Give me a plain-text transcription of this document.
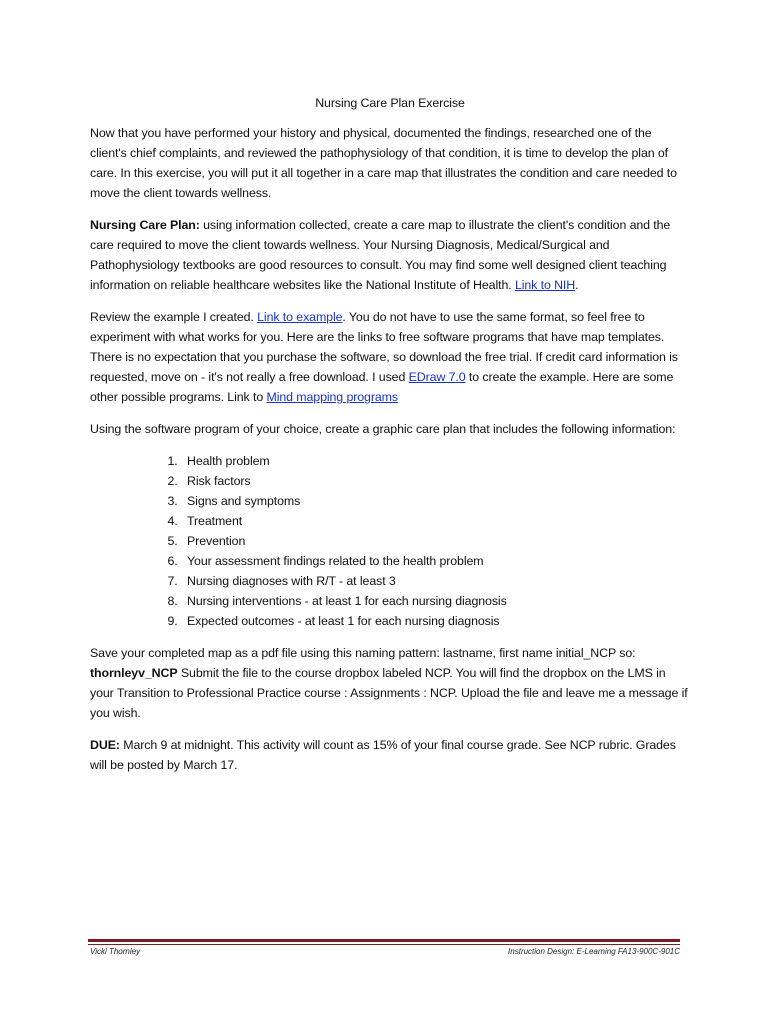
Nursing Care Plan Exercise

Now that you have performed your history and physical, documented the findings, researched one of the client's chief complaints, and reviewed the pathophysiology of that condition, it is time to develop the plan of care. In this exercise, you will put it all together in a care map that illustrates the condition and care needed to move the client towards wellness.

Nursing Care Plan: using information collected, create a care map to illustrate the client's condition and the care required to move the client towards wellness. Your Nursing Diagnosis, Medical/Surgical and Pathophysiology textbooks are good resources to consult. You may find some well designed client teaching information on reliable healthcare websites like the National Institute of Health. Link to NIH.

Review the example I created. Link to example. You do not have to use the same format, so feel free to experiment with what works for you. Here are the links to free software programs that have map templates. There is no expectation that you purchase the software, so download the free trial. If credit card information is requested, move on - it's not really a free download. I used EDraw 7.0 to create the example. Here are some other possible programs. Link to Mind mapping programs

Using the software program of your choice, create a graphic care plan that includes the following information:

1. Health problem
2. Risk factors
3. Signs and symptoms
4. Treatment
5. Prevention
6. Your assessment findings related to the health problem
7. Nursing diagnoses with R/T - at least 3
8. Nursing interventions - at least 1 for each nursing diagnosis
9. Expected outcomes - at least 1 for each nursing diagnosis

Save your completed map as a pdf file using this naming pattern: lastname, first name initial_NCP so: thornleyv_NCP Submit the file to the course dropbox labeled NCP. You will find the dropbox on the LMS in your Transition to Professional Practice course : Assignments : NCP. Upload the file and leave me a message if you wish.

DUE: March 9 at midnight. This activity will count as 15% of your final course grade. See NCP rubric. Grades will be posted by March 17.

Vicki Thornley	Instruction Design: E-Learning FA13-900C-901C
